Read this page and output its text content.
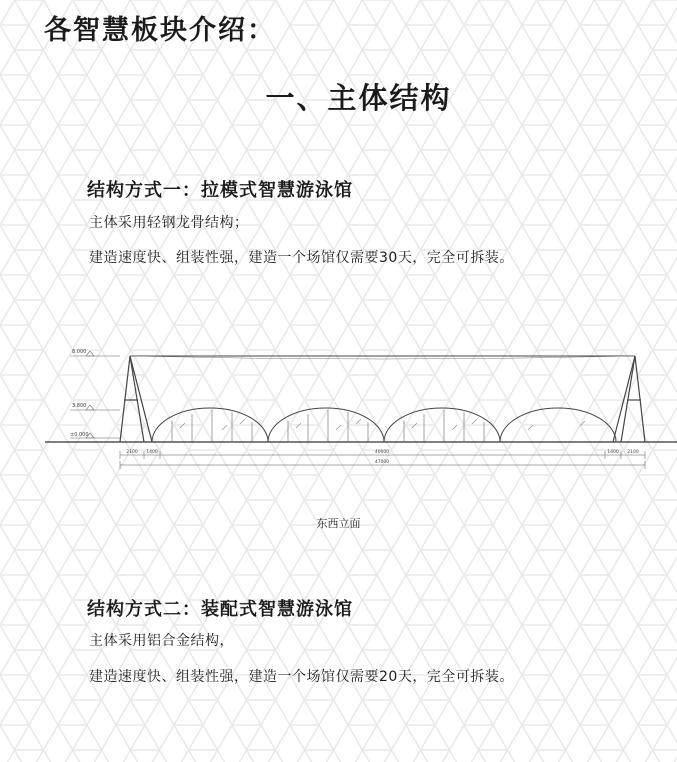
各智慧板块介绍：
一、主体结构
结构方式一：拉模式智慧游泳馆
主体采用轻钢龙骨结构；
建造速度快、组装性强，建造一个场馆仅需要30天，完全可拆装。
8.000
3.800
±0.000
2100 1400	40000	1400 2100
47000
东西立面
结构方式二：装配式智慧游泳馆
主体采用铝合金结构，
建造速度快、组装性强，建造一个场馆仅需要20天，完全可拆装。
